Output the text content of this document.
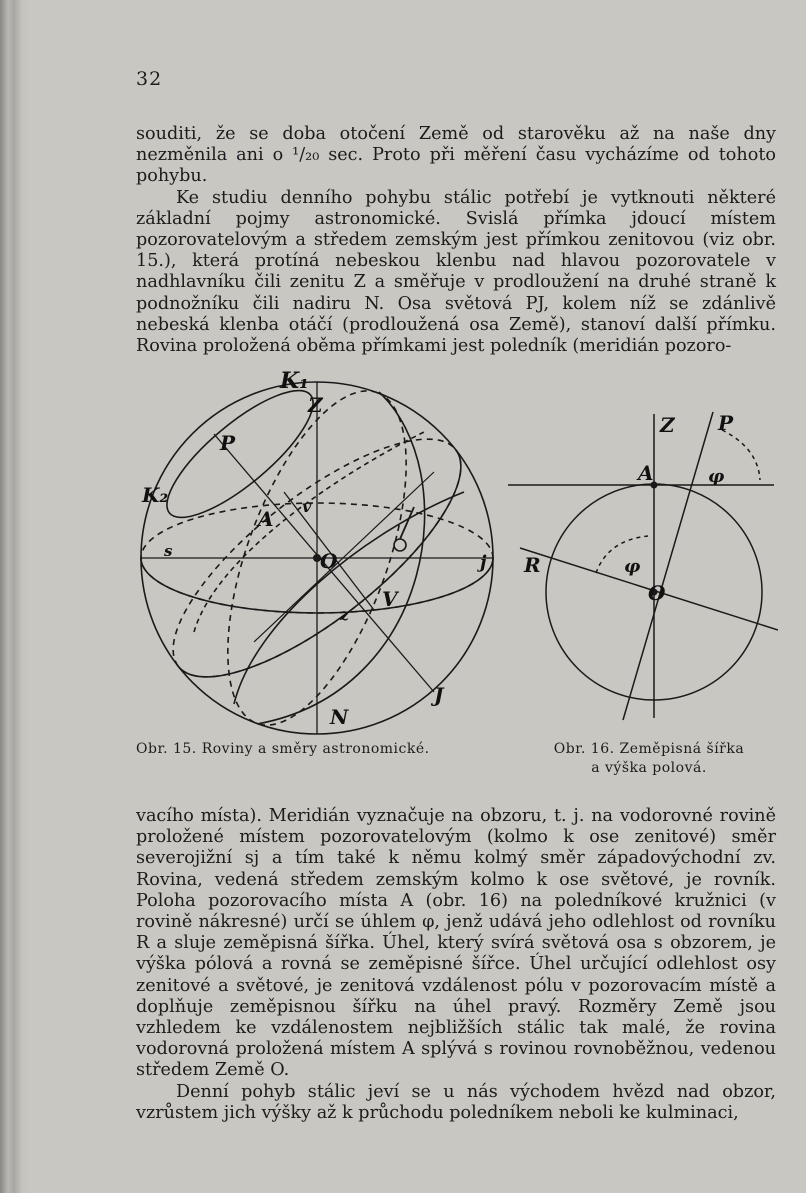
32

souditi, že se doba otočení Země od starověku až na naše dny nezměnila ani o ¹/₂₀ sec. Proto při měření času vycházíme od tohoto pohybu.

Ke studiu denního pohybu stálic potřebí je vytknouti některé základní pojmy astronomické. Svislá přímka jdoucí místem pozorovatelovým a středem zemským jest přímkou zenitovou (viz obr. 15.), která protíná nebeskou klenbu nad hlavou pozorovatele v nadhlavníku čili zenitu Z a směřuje v prodloužení na druhé straně k podnožníku čili nadiru N. Osa světová PJ, kolem níž se zdánlivě nebeská klenba otáčí (prodloužená osa Země), stanoví další přímku. Rovina proložená oběma přímkami jest poledník (meridián pozoro-

K₁
K₂
Z
P
A
v
s	O	j
z
V
J
N
Obr. 15. Roviny a směry astronomické.
Z P
A	φ
R	φ
O
Obr. 16. Zeměpisná šířka
a výška polová.

vacího místa). Meridián vyznačuje na obzoru, t. j. na vodorovné rovině proložené místem pozorovatelovým (kolmo k ose zenitové) směr severojižní sj a tím také k němu kolmý směr západovýchodní zv. Rovina, vedená středem zemským kolmo k ose světové, je rovník. Poloha pozorovacího místa A (obr. 16) na poledníkové kružnici (v rovině nákresné) určí se úhlem φ, jenž udává jeho odlehlost od rovníku R a sluje zeměpisná šířka. Úhel, který svírá světová osa s obzorem, je výška pólová a rovná se zeměpisné šířce. Úhel určující odlehlost osy zenitové a světové, je zenitová vzdálenost pólu v pozorovacím místě a doplňuje zeměpisnou šířku na úhel pravý. Rozměry Země jsou vzhledem ke vzdálenostem nejbližších stálic tak malé, že rovina vodorovná proložená místem A splývá s rovinou rovnoběžnou, vedenou středem Země O.

Denní pohyb stálic jeví se u nás východem hvězd nad obzor, vzrůstem jich výšky až k průchodu poledníkem neboli ke kulminaci,
